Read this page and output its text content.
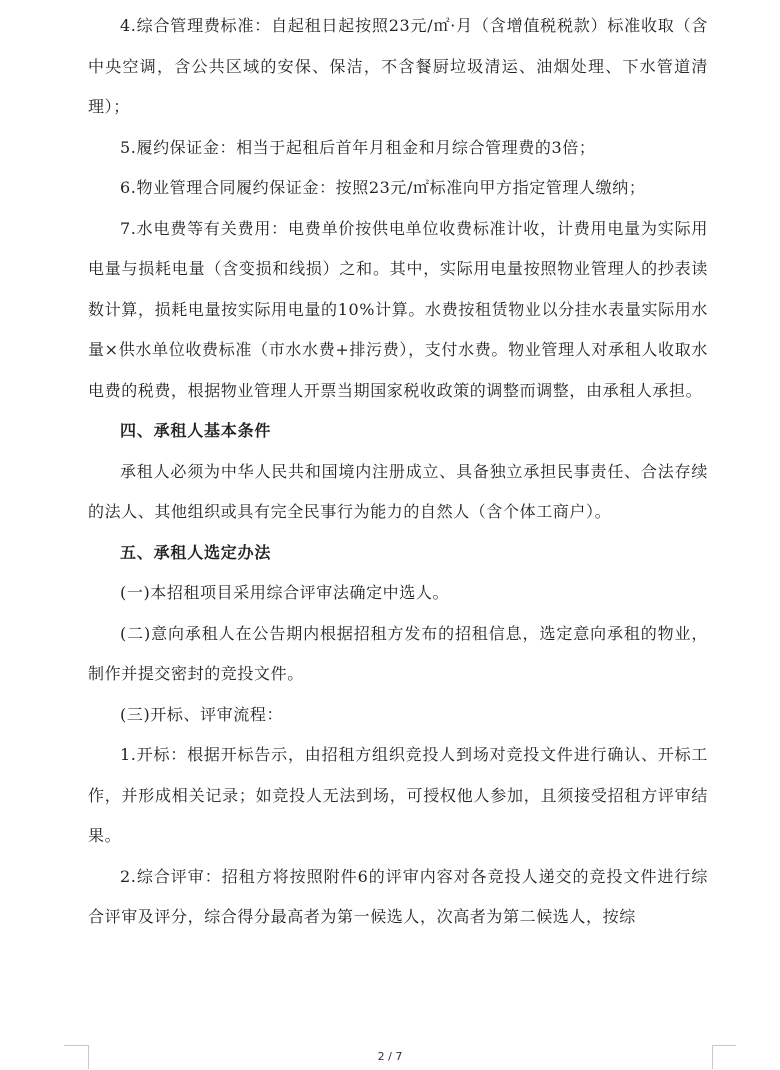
4.综合管理费标准：自起租日起按照23元/㎡·月（含增值税税款）标准收取（含中央空调，含公共区域的安保、保洁，不含餐厨垃圾清运、油烟处理、下水管道清理）；

5.履约保证金：相当于起租后首年月租金和月综合管理费的3倍；

6.物业管理合同履约保证金：按照23元/㎡标准向甲方指定管理人缴纳；

7.水电费等有关费用：电费单价按供电单位收费标准计收，计费用电量为实际用电量与损耗电量（含变损和线损）之和。其中，实际用电量按照物业管理人的抄表读数计算，损耗电量按实际用电量的10%计算。水费按租赁物业以分挂水表量实际用水量×供水单位收费标准（市水水费+排污费），支付水费。物业管理人对承租人收取水电费的税费，根据物业管理人开票当期国家税收政策的调整而调整，由承租人承担。

四、承租人基本条件

承租人必须为中华人民共和国境内注册成立、具备独立承担民事责任、合法存续的法人、其他组织或具有完全民事行为能力的自然人（含个体工商户）。

五、承租人选定办法

(一)本招租项目采用综合评审法确定中选人。

(二)意向承租人在公告期内根据招租方发布的招租信息，选定意向承租的物业，制作并提交密封的竞投文件。

(三)开标、评审流程：

1.开标：根据开标告示，由招租方组织竞投人到场对竞投文件进行确认、开标工作，并形成相关记录；如竞投人无法到场，可授权他人参加，且须接受招租方评审结果。

2.综合评审：招租方将按照附件6的评审内容对各竞投人递交的竞投文件进行综合评审及评分，综合得分最高者为第一候选人，次高者为第二候选人，按综

2 / 7
